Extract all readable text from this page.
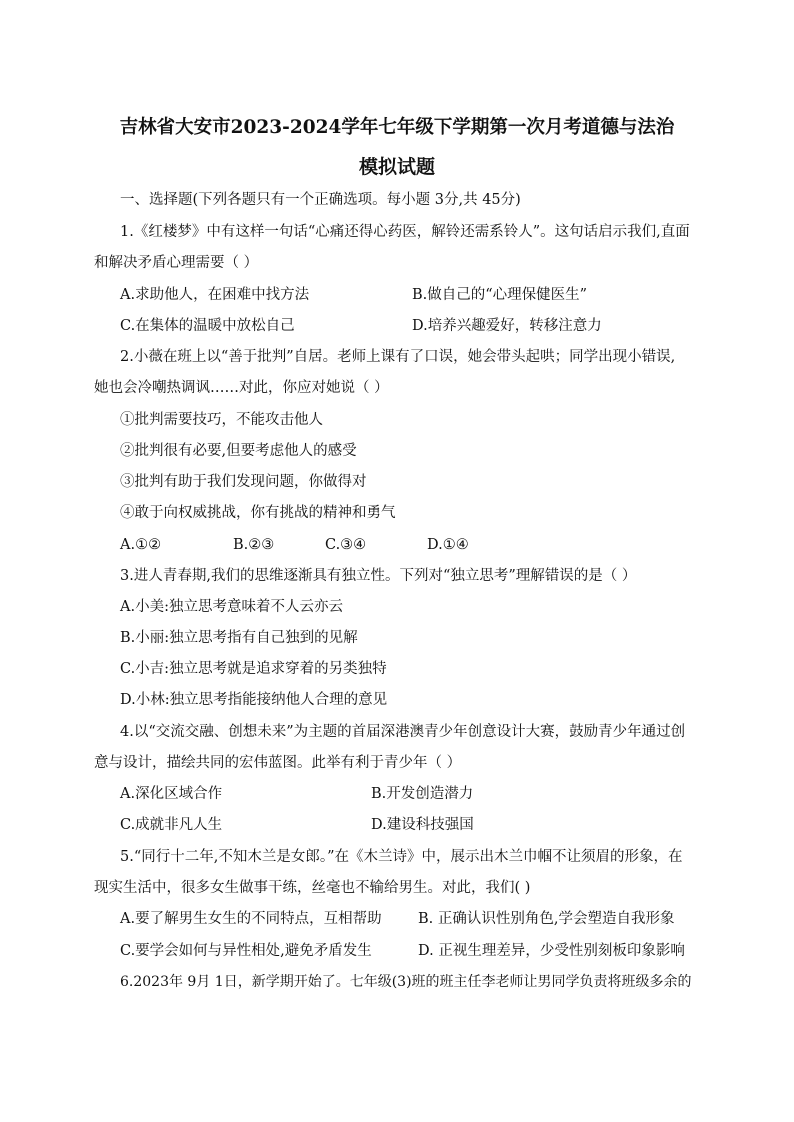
吉林省大安市2023-2024学年七年级下学期第一次月考道德与法治
模拟试题
一、选择题(下列各题只有一个正确选项。每小题 3分,共 45分)
1.《红楼梦》中有这样一句话“心痛还得心药医，解铃还需系铃人”。这句话启示我们,直面
和解决矛盾心理需要（ ）
A.求助他人，在困难中找方法	B.做自己的“心理保健医生”
C.在集体的温暖中放松自己	D.培养兴趣爱好，转移注意力
2.小薇在班上以“善于批判”自居。老师上课有了口误，她会带头起哄；同学出现小错误,
她也会冷嘲热调讽……对此，你应对她说（ ）
①批判需要技巧，不能攻击他人
②批判很有必要,但要考虑他人的感受
③批判有助于我们发现问题，你做得对
④敢于向权威挑战，你有挑战的精神和勇气
A.①②	B.②③	C.③④	D.①④
3.进人青春期,我们的思维逐渐具有独立性。下列对“独立思考”理解错误的是（ ）
A.小美:独立思考意味着不人云亦云
B.小丽:独立思考指有自己独到的见解
C.小吉:独立思考就是追求穿着的另类独特
D.小林:独立思考指能接纳他人合理的意见
4.以“交流交融、创想未来”为主题的首届深港澳青少年创意设计大赛，鼓励青少年通过创
意与设计，描绘共同的宏伟蓝图。此举有利于青少年（ ）
A.深化区域合作	B.开发创造潜力
C.成就非凡人生	D.建设科技强国
5.“同行十二年,不知木兰是女郎。”在《木兰诗》中，展示出木兰巾帼不让须眉的形象，在
现实生活中，很多女生做事干练，丝毫也不输给男生。对此，我们( )
A.要了解男生女生的不同特点，互相帮助	B. 正确认识性别角色,学会塑造自我形象
C.要学会如何与异性相处,避免矛盾发生	D. 正视生理差异，少受性别刻板印象影响
6.2023年 9月 1日，新学期开始了。七年级(3)班的班主任李老师让男同学负责将班级多余的
